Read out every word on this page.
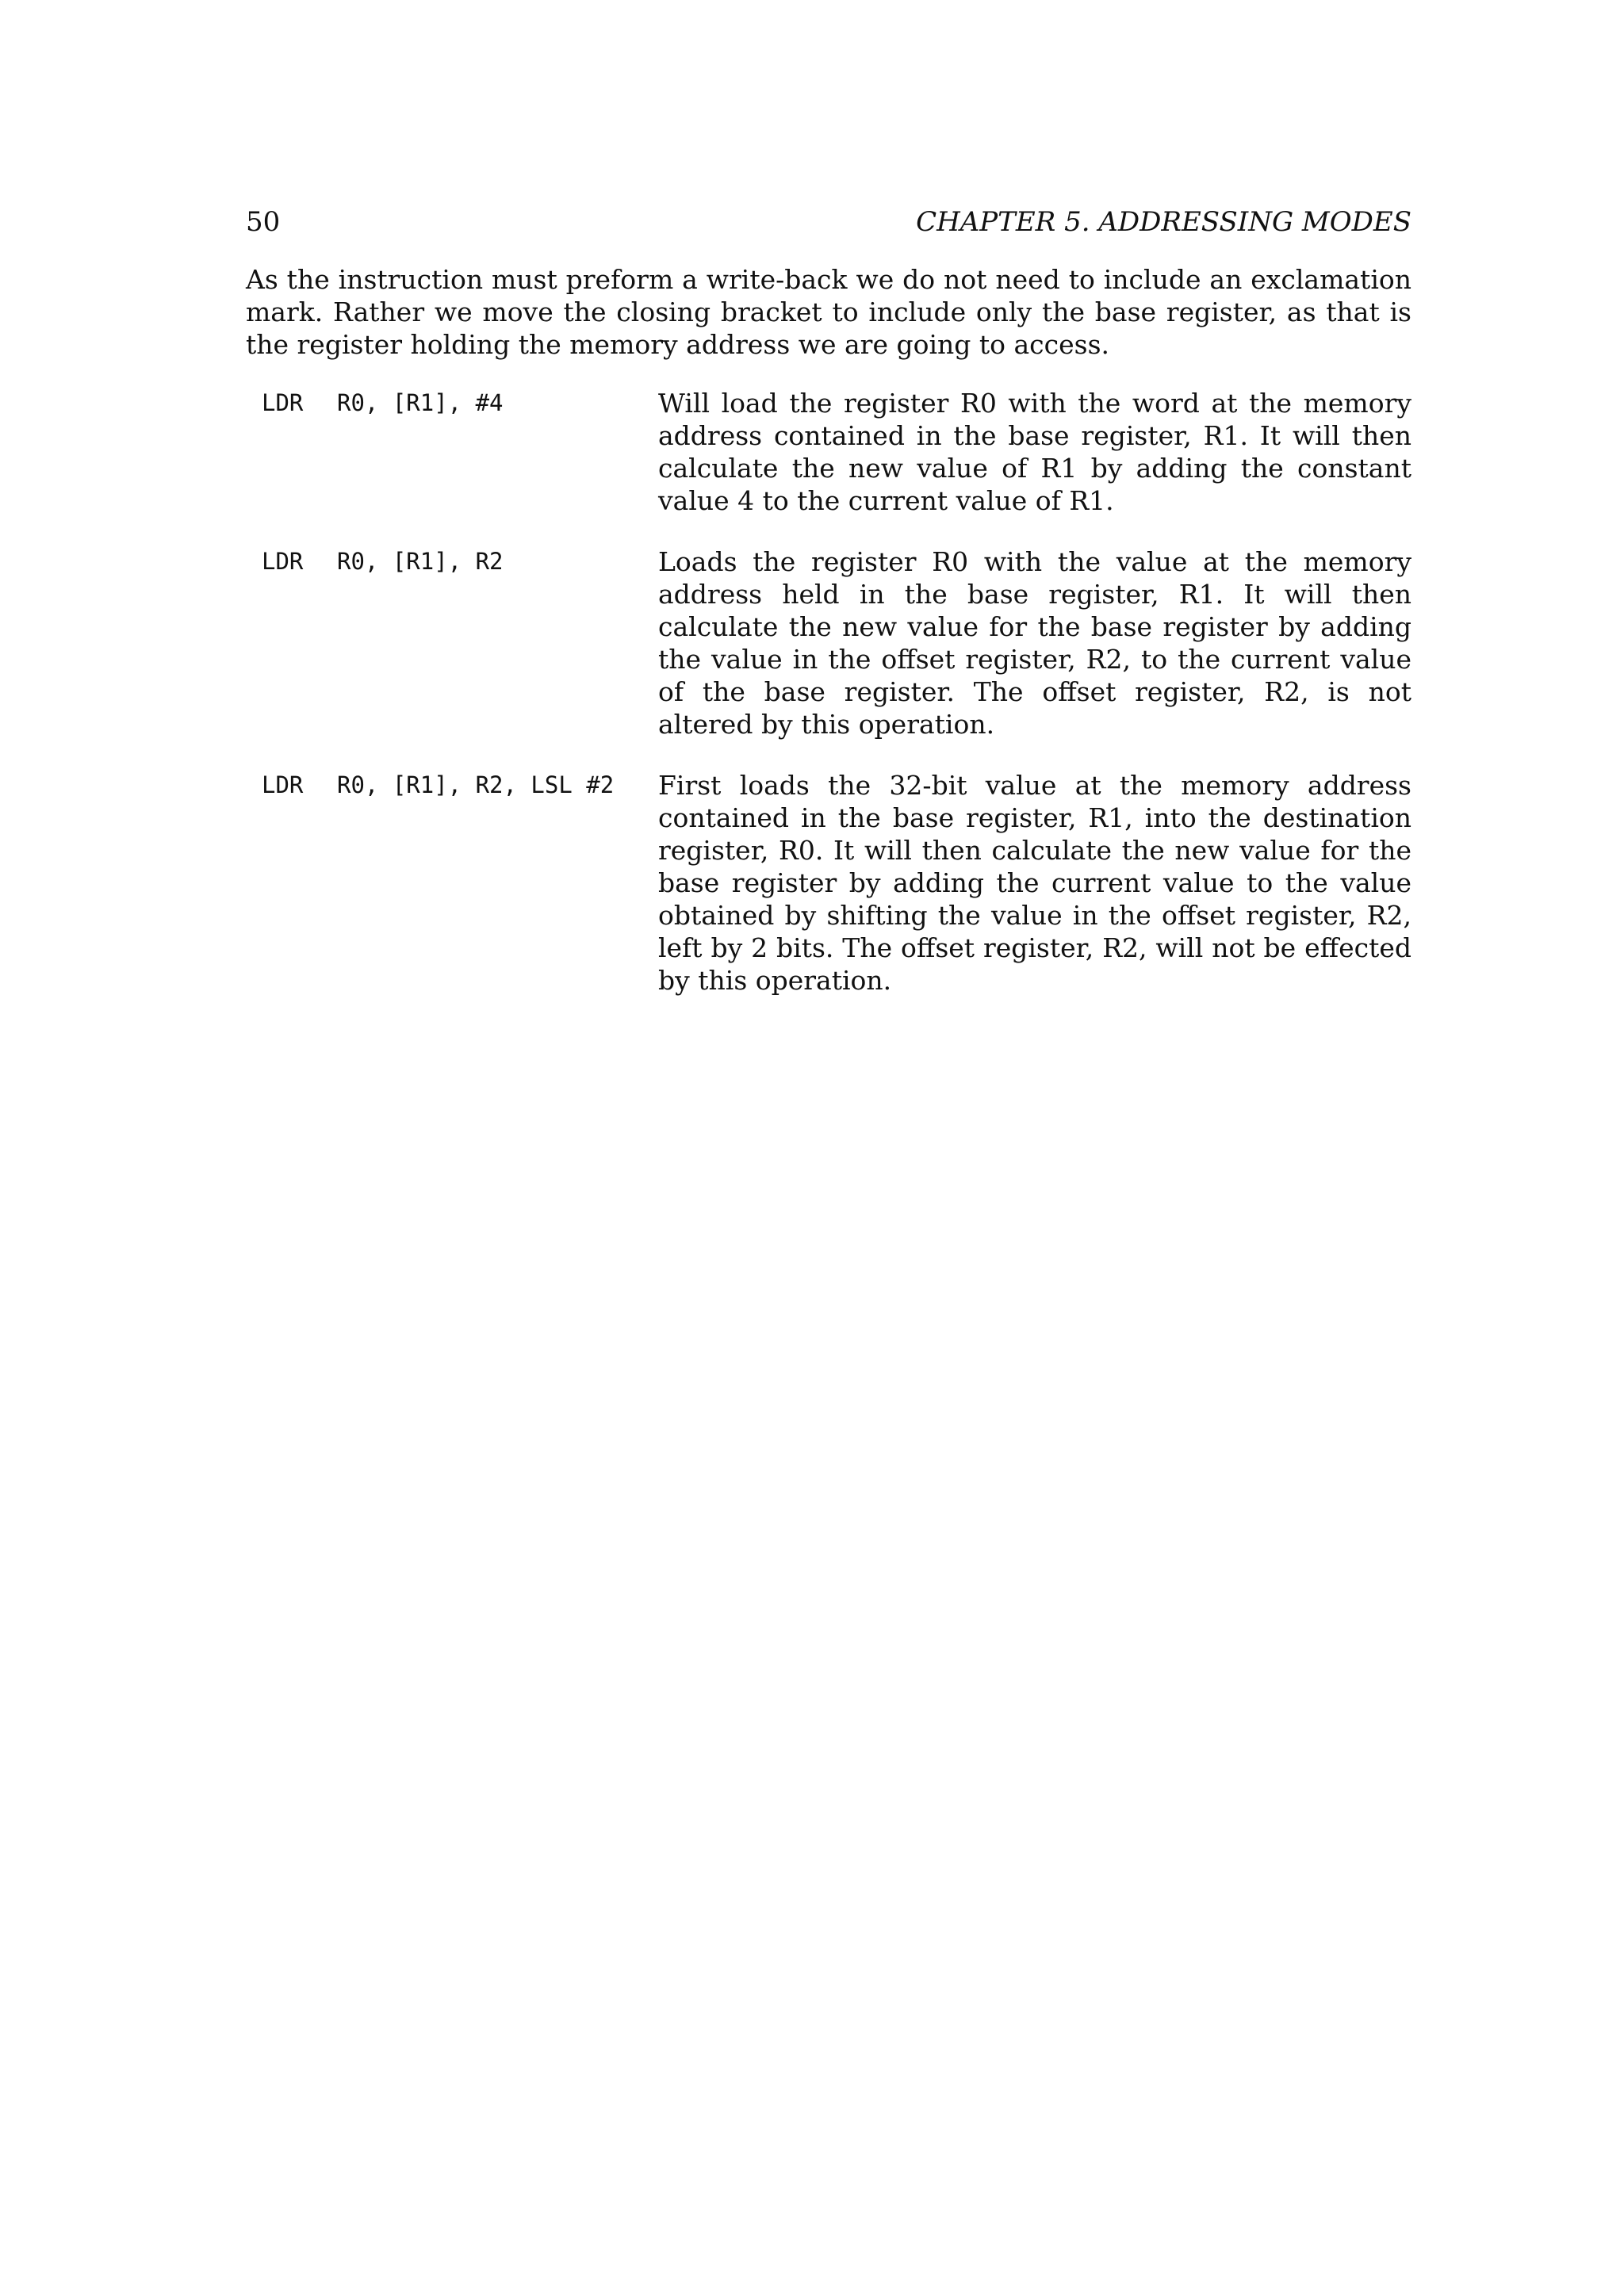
50	CHAPTER 5. ADDRESSING MODES

As the instruction must preform a write-back we do not need to include an exclamation mark. Rather we move the closing bracket to include only the base register, as that is the register holding the memory address we are going to access.

LDR	R0, [R1], #4	Will load the register R0 with the word at the memory address contained in the base register, R1. It will then calculate the new value of R1 by adding the constant value 4 to the current value of R1.
LDR	R0, [R1], R2	Loads the register R0 with the value at the memory address held in the base register, R1. It will then calculate the new value for the base register by adding the value in the offset register, R2, to the current value of the base register. The offset register, R2, is not altered by this operation.
LDR	R0, [R1], R2, LSL #2	First loads the 32-bit value at the memory address contained in the base register, R1, into the destination register, R0. It will then calculate the new value for the base register by adding the current value to the value obtained by shifting the value in the offset register, R2, left by 2 bits. The offset register, R2, will not be effected by this operation.
